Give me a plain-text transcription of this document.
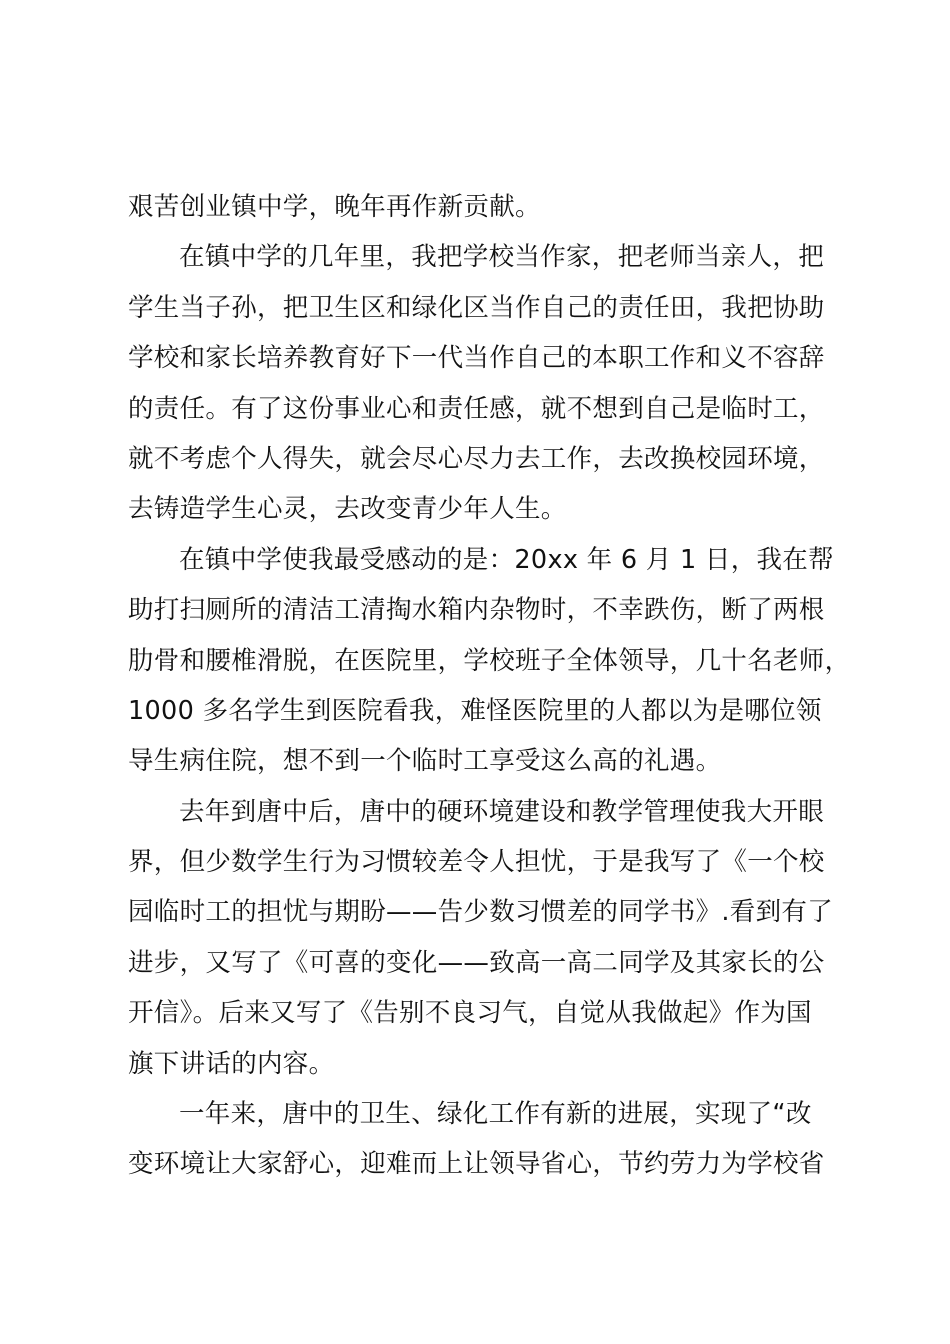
艰苦创业镇中学，晚年再作新贡献。
在镇中学的几年里，我把学校当作家，把老师当亲人，把
学生当子孙，把卫生区和绿化区当作自己的责任田，我把协助
学校和家长培养教育好下一代当作自己的本职工作和义不容辞
的责任。有了这份事业心和责任感，就不想到自己是临时工，
就不考虑个人得失，就会尽心尽力去工作，去改换校园环境，
去铸造学生心灵，去改变青少年人生。
在镇中学使我最受感动的是：20xx 年 6 月 1 日，我在帮
助打扫厕所的清洁工清掏水箱内杂物时，不幸跌伤，断了两根
肋骨和腰椎滑脱，在医院里，学校班子全体领导，几十名老师，
1000 多名学生到医院看我，难怪医院里的人都以为是哪位领
导生病住院，想不到一个临时工享受这么高的礼遇。
去年到唐中后，唐中的硬环境建设和教学管理使我大开眼
界，但少数学生行为习惯较差令人担忧，于是我写了《一个校
园临时工的担忧与期盼——告少数习惯差的同学书》.看到有了
进步，又写了《可喜的变化——致高一高二同学及其家长的公
开信》。后来又写了《告别不良习气，自觉从我做起》作为国
旗下讲话的内容。
一年来，唐中的卫生、绿化工作有新的进展，实现了“改
变环境让大家舒心，迎难而上让领导省心，节约劳力为学校省
